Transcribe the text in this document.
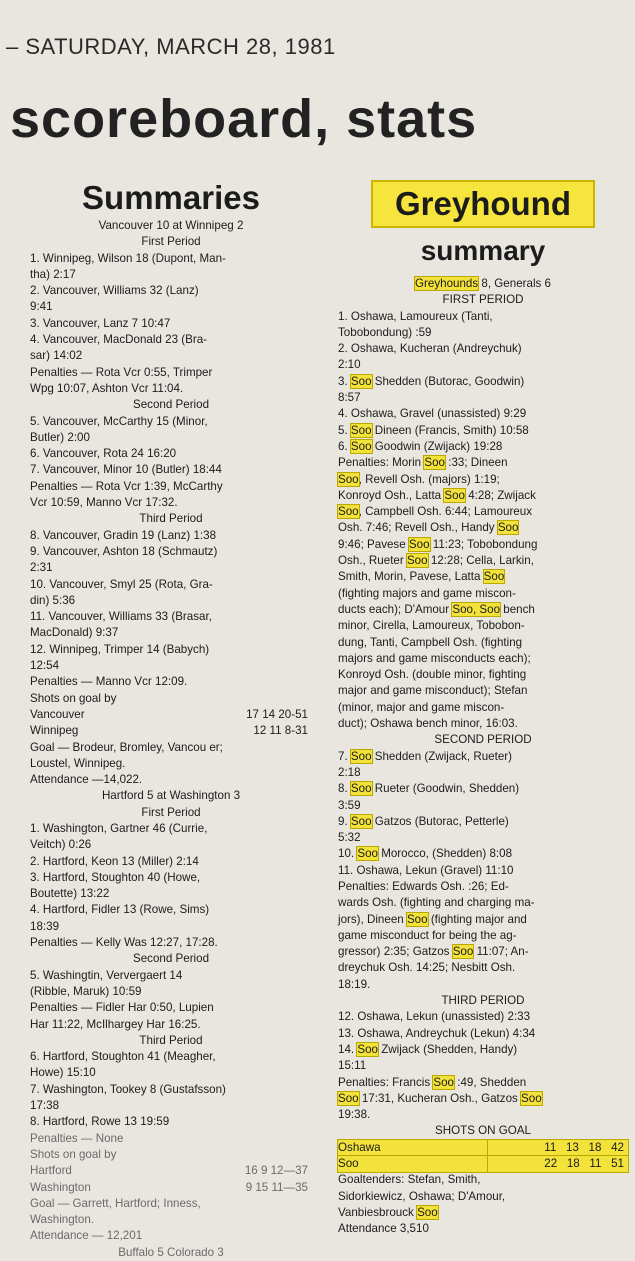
– SATURDAY, MARCH 28, 1981
scoreboard, stats
Summaries
Vancouver 10 at Winnipeg 2
First Period
1. Winnipeg, Wilson 18 (Dupont, Man-
tha) 2:17
2. Vancouver, Williams 32 (Lanz)
9:41
3. Vancouver, Lanz 7 10:47
4. Vancouver, MacDonald 23 (Bra-
sar) 14:02
Penalties — Rota Vcr 0:55, Trimper
Wpg 10:07, Ashton Vcr 11:04.
Second Period
5. Vancouver, McCarthy 15 (Minor,
Butler) 2:00
6. Vancouver, Rota 24 16:20
7. Vancouver, Minor 10 (Butler) 18:44
Penalties — Rota Vcr 1:39, McCarthy
Vcr 10:59, Manno Vcr 17:32.
Third Period
8. Vancouver, Gradin 19 (Lanz) 1:38
9. Vancouver, Ashton 18 (Schmautz)
2:31
10. Vancouver, Smyl 25 (Rota, Gra-
din) 5:36
11. Vancouver, Williams 33 (Brasar,
MacDonald) 9:37
12. Winnipeg, Trimper 14 (Babych)
12:54
Penalties — Manno Vcr 12:09.
Shots on goal by
Vancouver	17 14 20-51
Winnipeg	12 11 8-31
Goal — Brodeur, Bromley, Vancou er;
Loustel, Winnipeg.
Attendance —14,022.
Hartford 5 at Washington 3
First Period
1. Washington, Gartner 46 (Currie,
Veitch) 0:26
2. Hartford, Keon 13 (Miller) 2:14
3. Hartford, Stoughton 40 (Howe,
Boutette) 13:22
4. Hartford, Fidler 13 (Rowe, Sims)
18:39
Penalties — Kelly Was 12:27, 17:28.
Second Period
5. Washingtin, Ververgaert 14
(Ribble, Maruk) 10:59
Penalties — Fidler Har 0:50, Lupien
Har 11:22, McIlhargey Har 16:25.
Third Period
6. Hartford, Stoughton 41 (Meagher,
Howe) 15:10
7. Washington, Tookey 8 (Gustafsson)
17:38
8. Hartford, Rowe 13 19:59
Penalties — None
Shots on goal by
Hartford	16 9 12—37
Washington	9 15 11—35
Goal — Garrett, Hartford; Inness,
Washington.
Attendance — 12,201
Buffalo 5 Colorado 3
Greyhound
summary
Greyhounds 8, Generals 6
FIRST PERIOD
1. Oshawa, Lamoureux (Tanti,
Tobobondung) :59
2. Oshawa, Kucheran (Andreychuk)
2:10
3. Soo Shedden (Butorac, Goodwin)
8:57
4. Oshawa, Gravel (unassisted) 9:29
5. Soo Dineen (Francis, Smith) 10:58
6. Soo Goodwin (Zwijack) 19:28
Penalties: Morin Soo :33; Dineen
Soo, Revell Osh. (majors) 1:19;
Konroyd Osh., Latta Soo 4:28; Zwijack
Soo, Campbell Osh. 6:44; Lamoureux
Osh. 7:46; Revell Osh., Handy Soo
9:46; Pavese Soo 11:23; Tobobondung
Osh., Rueter Soo 12:28; Cella, Larkin,
Smith, Morin, Pavese, Latta Soo
(fighting majors and game miscon-
ducts each); D'Amour Soo, Soo bench
minor, Cirella, Lamoureux, Tobobon-
dung, Tanti, Campbell Osh. (fighting
majors and game misconducts each);
Konroyd Osh. (double minor, fighting
major and game misconduct); Stefan
(minor, major and game miscon-
duct); Oshawa bench minor, 16:03.
SECOND PERIOD
7. Soo Shedden (Zwijack, Rueter)
2:18
8. Soo Rueter (Goodwin, Shedden)
3:59
9. Soo Gatzos (Butorac, Petterle)
5:32
10. Soo Morocco, (Shedden) 8:08
11. Oshawa, Lekun (Gravel) 11:10
Penalties: Edwards Osh. :26; Ed-
wards Osh. (fighting and charging ma-
jors), Dineen Soo (fighting major and
game misconduct for being the ag-
gressor) 2:35; Gatzos Soo 11:07; An-
dreychuk Osh. 14:25; Nesbitt Osh.
18:19.
THIRD PERIOD
12. Oshawa, Lekun (unassisted) 2:33
13. Oshawa, Andreychuk (Lekun) 4:34
14. Soo Zwijack (Shedden, Handy)
15:11
Penalties: Francis Soo :49, Shedden
Soo 17:31, Kucheran Osh., Gatzos Soo
19:38.
SHOTS ON GOAL
Oshawa	11   13   18   42
Soo	22   18   11   51
Goaltenders: Stefan, Smith,
Sidorkiewicz, Oshawa; D'Amour,
Vanbiesbrouck Soo
Attendance 3,510
